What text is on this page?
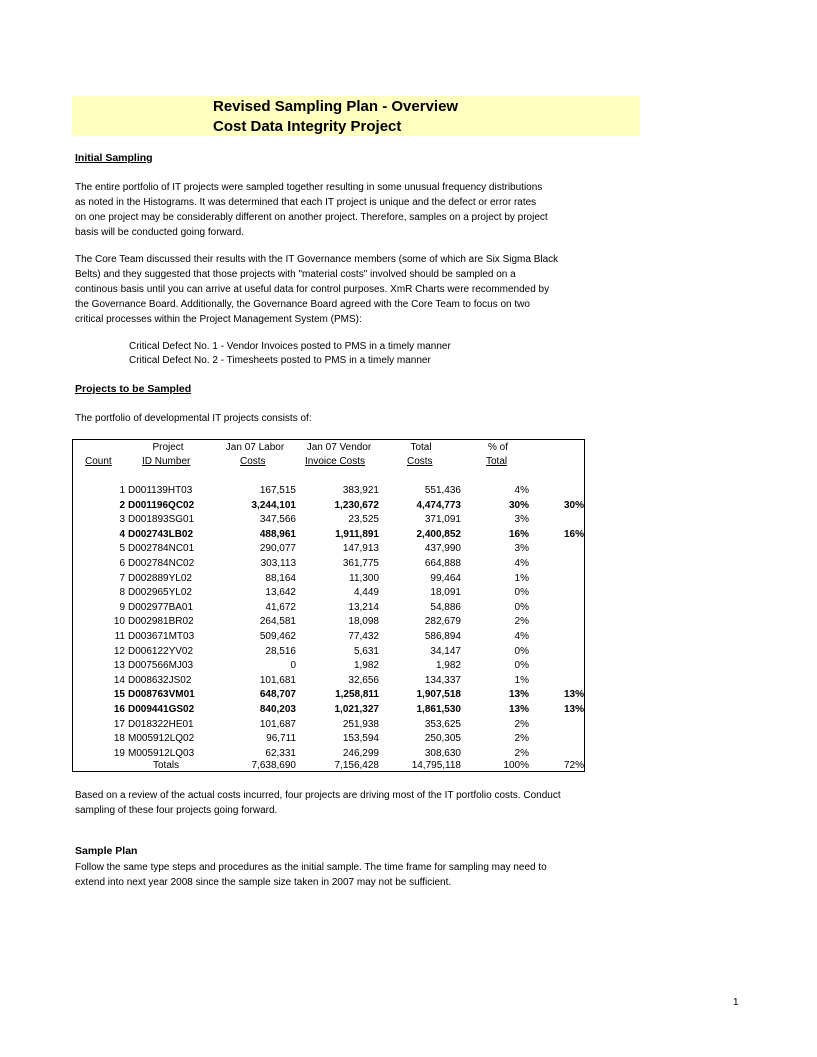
Revised Sampling Plan - Overview
Cost Data Integrity Project
Initial Sampling
The entire portfolio of IT projects were sampled together resulting in some unusual frequency distributions
as noted in the Histograms. It was determined that each IT project is unique and the defect or error rates
on one project may be considerably different on another project. Therefore, samples on a project by project
basis will be conducted going forward.
The Core Team discussed their results with the IT Governance members (some of which are Six Sigma Black
Belts) and they suggested that those projects with "material costs" involved should be sampled on a
continous basis until you can arrive at useful data for control purposes. XmR Charts were recommended by
the Governance Board. Additionally, the Governance Board agreed with the Core Team to focus on two
critical processes within the Project Management System (PMS):
Critical Defect No. 1 - Vendor Invoices posted to PMS in a timely manner
Critical Defect No. 2 - Timesheets posted to PMS in a timely manner
Projects to be Sampled
The portfolio of developmental IT projects consists of:
Project	Jan 07 Labor	Jan 07 Vendor	Total	% of
Count	ID Number	Costs	Invoice Costs	Costs	Total
1 D001139HT03	167,515	383,921	551,436	4%
2 D001196QC02	3,244,101	1,230,672	4,474,773	30%	30%
3 D001893SG01	347,566	23,525	371,091	3%
4 D002743LB02	488,961	1,911,891	2,400,852	16%	16%
5 D002784NC01	290,077	147,913	437,990	3%
6 D002784NC02	303,113	361,775	664,888	4%
7 D002889YL02	88,164	11,300	99,464	1%
8 D002965YL02	13,642	4,449	18,091	0%
9 D002977BA01	41,672	13,214	54,886	0%
10 D002981BR02	264,581	18,098	282,679	2%
11 D003671MT03	509,462	77,432	586,894	4%
12 D006122YV02	28,516	5,631	34,147	0%
13 D007566MJ03	0	1,982	1,982	0%
14 D008632JS02	101,681	32,656	134,337	1%
15 D008763VM01	648,707	1,258,811	1,907,518	13%	13%
16 D009441GS02	840,203	1,021,327	1,861,530	13%	13%
17 D018322HE01	101,687	251,938	353,625	2%
18 M005912LQ02	96,711	153,594	250,305	2%
19 M005912LQ03	62,331	246,299	308,630	2%
Totals	7,638,690	7,156,428	14,795,118	100%	72%
Based on a review of the actual costs incurred, four projects are driving most of the IT portfolio costs. Conduct
sampling of these four projects going forward.
Sample Plan
Follow the same type steps and procedures as the initial sample. The time frame for sampling may need to
extend into next year 2008 since the sample size taken in 2007 may not be sufficient.
1
